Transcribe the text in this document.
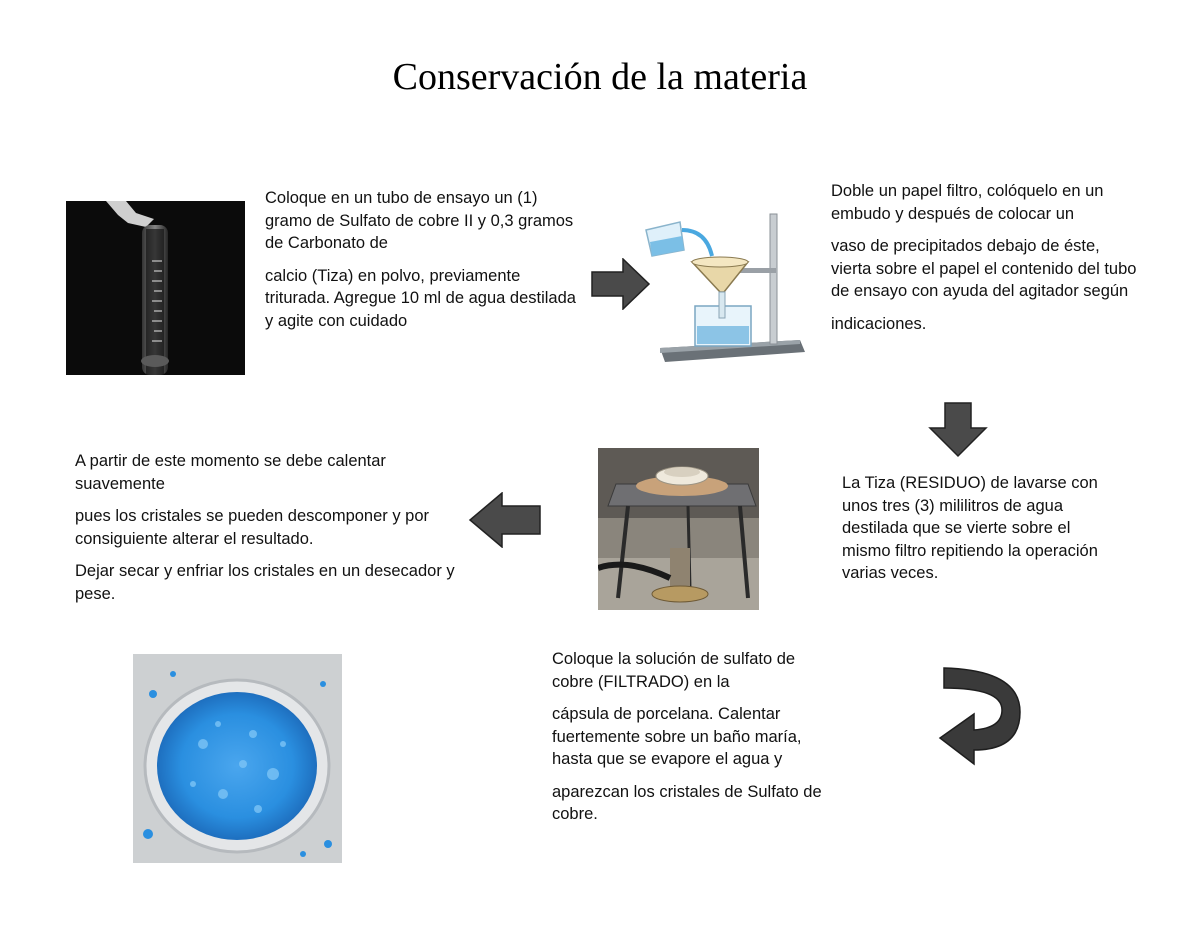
Conservación de la materia

Coloque en un tubo de ensayo un (1) gramo de Sulfato de cobre II y 0,3 gramos de Carbonato de

calcio (Tiza) en polvo, previamente triturada. Agregue 10 ml de agua destilada y agite con cuidado

Doble un papel filtro, colóquelo en un embudo y después de colocar un

vaso de precipitados debajo de éste, vierta sobre el papel el contenido del tubo de ensayo con ayuda del agitador según

indicaciones.

La Tiza (RESIDUO) de lavarse con unos tres (3) mililitros de agua destilada que se vierte sobre el mismo filtro repitiendo la operación varias veces.

A partir de este momento se debe calentar suavemente

pues los cristales se pueden descomponer y por consiguiente alterar el resultado.

Dejar secar y enfriar los cristales en un desecador y pese.

Coloque la solución de sulfato de cobre (FILTRADO) en la

cápsula de porcelana. Calentar fuertemente sobre un baño maría, hasta que se evapore el agua y

aparezcan los cristales de Sulfato de cobre.
